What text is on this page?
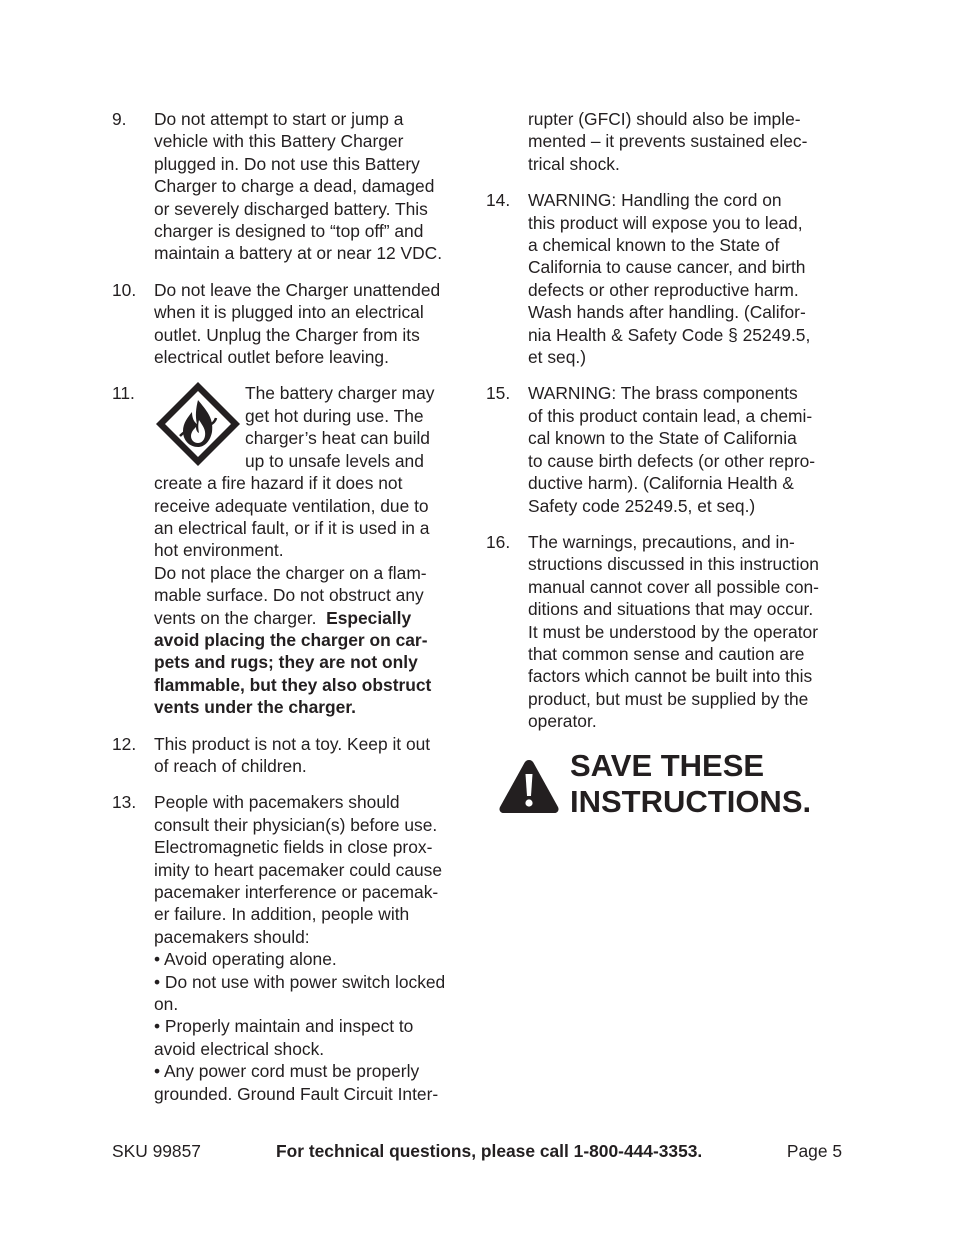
9. Do not attempt to start or jump a
vehicle with this Battery Charger
plugged in. Do not use this Battery
Charger to charge a dead, damaged
or severely discharged battery. This
charger is designed to “top off” and
maintain a battery at or near 12 VDC.
10. Do not leave the Charger unattended
when it is plugged into an electrical
outlet. Unplug the Charger from its
electrical outlet before leaving.
11.	The battery charger may
get hot during use. The
charger’s heat can build
up to unsafe levels and
create a fire hazard if it does not
receive adequate ventilation, due to
an electrical fault, or if it is used in a
hot environment.
Do not place the charger on a flam-
mable surface. Do not obstruct any
vents on the charger.  Especially
avoid placing the charger on car-
pets and rugs; they are not only
flammable, but they also obstruct
vents under the charger.
12. This product is not a toy. Keep it out
of reach of children.
13. People with pacemakers should
consult their physician(s) before use.
Electromagnetic fields in close prox-
imity to heart pacemaker could cause
pacemaker interference or pacemak-
er failure. In addition, people with
pacemakers should:
• Avoid operating alone.
• Do not use with power switch locked
on.
• Properly maintain and inspect to
avoid electrical shock.
• Any power cord must be properly
grounded. Ground Fault Circuit Inter-
rupter (GFCI) should also be imple-
mented – it prevents sustained elec-
trical shock.
14. WARNING: Handling the cord on
this product will expose you to lead,
a chemical known to the State of
California to cause cancer, and birth
defects or other reproductive harm.
Wash hands after handling. (Califor-
nia Health & Safety Code § 25249.5,
et seq.)
15. WARNING: The brass components
of this product contain lead, a chemi-
cal known to the State of California
to cause birth defects (or other repro-
ductive harm). (California Health &
Safety code 25249.5, et seq.)
16. The warnings, precautions, and in-
structions discussed in this instruction
manual cannot cover all possible con-
ditions and situations that may occur.
It must be understood by the operator
that common sense and caution are
factors which cannot be built into this
product, but must be supplied by the
operator.
SAVE THESE
INSTRUCTIONS.
SKU 99857	For technical questions, please call 1-800-444-3353.	Page 5
